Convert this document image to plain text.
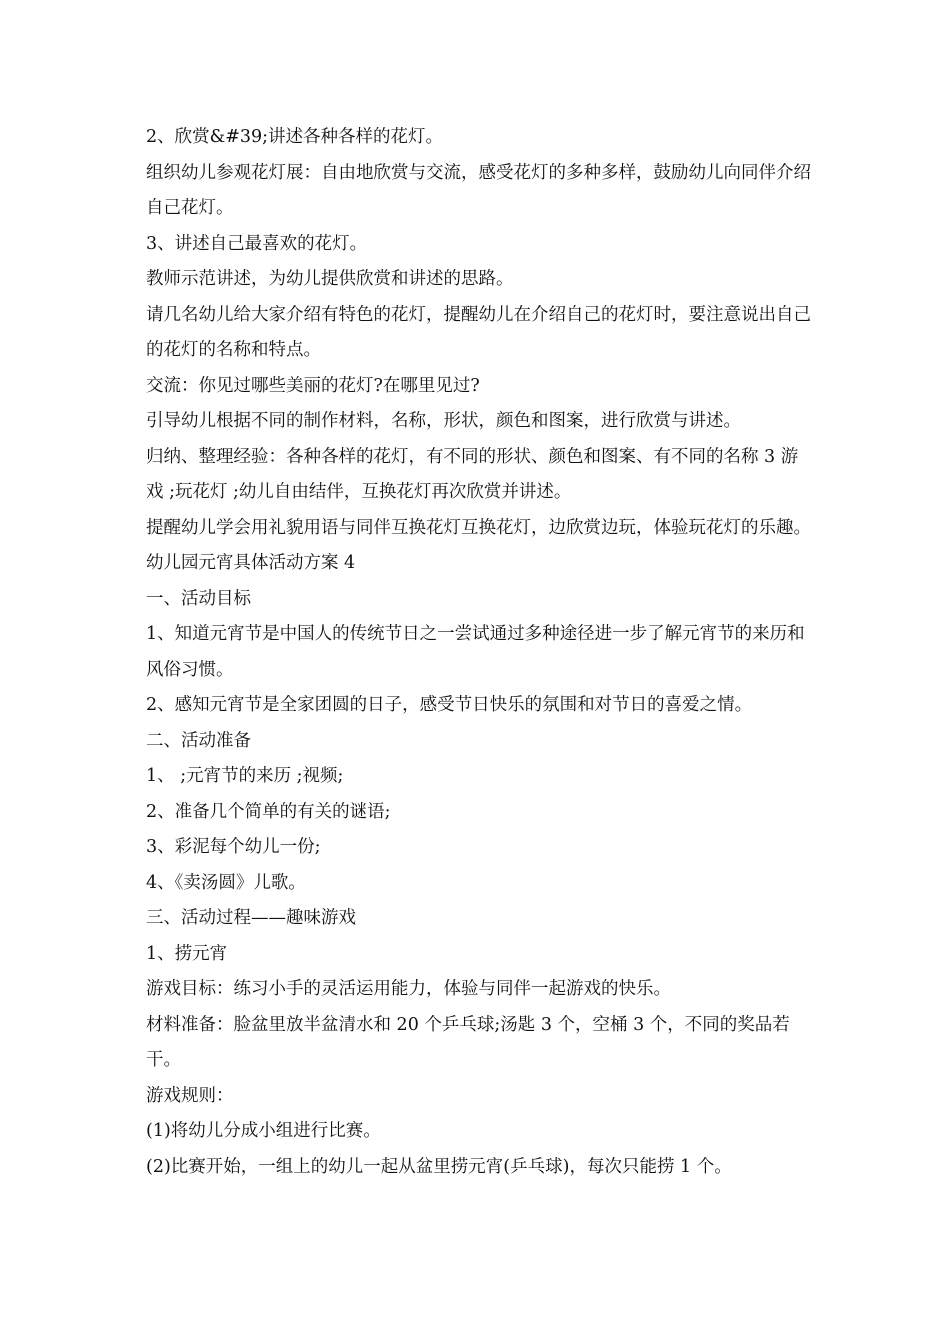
2、欣赏&#39;讲述各种各样的花灯。

组织幼儿参观花灯展：自由地欣赏与交流，感受花灯的多种多样，鼓励幼儿向同伴介绍自己花灯。

3、讲述自己最喜欢的花灯。

教师示范讲述，为幼儿提供欣赏和讲述的思路。

请几名幼儿给大家介绍有特色的花灯，提醒幼儿在介绍自己的花灯时，要注意说出自己的花灯的名称和特点。

交流：你见过哪些美丽的花灯?在哪里见过?

引导幼儿根据不同的制作材料，名称，形状，颜色和图案，进行欣赏与讲述。

归纳、整理经验：各种各样的花灯，有不同的形状、颜色和图案、有不同的名称 3 游戏 ;玩花灯 ;幼儿自由结伴，互换花灯再次欣赏并讲述。

提醒幼儿学会用礼貌用语与同伴互换花灯互换花灯，边欣赏边玩，体验玩花灯的乐趣。

幼儿园元宵具体活动方案 4

一、活动目标

1、知道元宵节是中国人的传统节日之一尝试通过多种途径进一步了解元宵节的来历和风俗习惯。

2、感知元宵节是全家团圆的日子，感受节日快乐的氛围和对节日的喜爱之情。

二、活动准备

1、 ;元宵节的来历 ;视频;

2、准备几个简单的有关的谜语;

3、彩泥每个幼儿一份;

4、《卖汤圆》儿歌。

三、活动过程——趣味游戏

1、捞元宵

游戏目标：练习小手的灵活运用能力，体验与同伴一起游戏的快乐。

材料准备：脸盆里放半盆清水和 20 个乒乓球;汤匙 3 个，空桶 3 个，不同的奖品若干。

游戏规则：

(1)将幼儿分成小组进行比赛。

(2)比赛开始，一组上的幼儿一起从盆里捞元宵(乒乓球)，每次只能捞 1 个。
